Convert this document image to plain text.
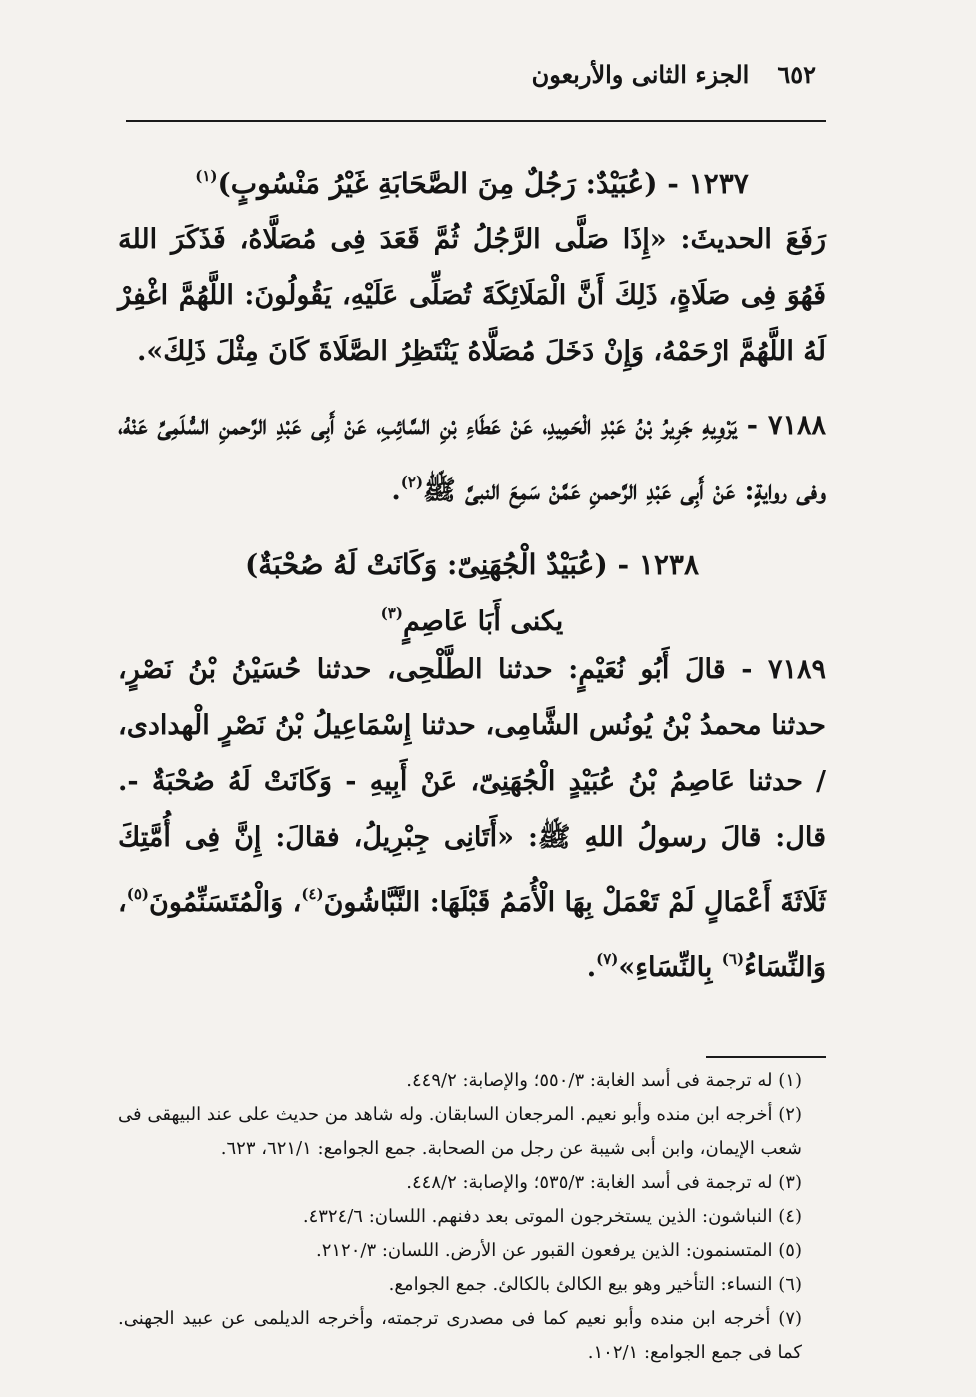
٦٥٢
الجزء الثانى والأربعون

١٢٣٧ - (عُبَيْدٌ: رَجُلٌ مِنَ الصَّحَابَةِ غَيْرُ مَنْسُوبٍ)$^{(١)}$

رَفَعَ الحديثَ: «إِذَا صَلَّى الرَّجُلُ ثُمَّ قَعَدَ فِى مُصَلَّاهُ، فَذَكَرَ اللهَ فَهُوَ فِى صَلَاةٍ، ذَلِكَ أَنَّ الْمَلَائِكَةَ تُصَلِّى عَلَيْهِ، يَقُولُونَ: اللَّهُمَّ اغْفِرْ لَهُ اللَّهُمَّ ارْحَمْهُ، وَإِنْ دَخَلَ مُصَلَّاهُ يَنْتَظِرُ الصَّلَاةَ كَانَ مِثْلَ ذَلِكَ».

٧١٨٨ - يَرْوِيهِ جَرِيرُ بْنُ عَبْدِ الْحَمِيدِ، عَنْ عَطَاءِ بْنِ السَّائِبِ، عَنْ أَبِى عَبْدِ الرَّحمنِ السُّلَمِىِّ عَنْهُ، وفى روايةٍ: عَنْ أَبِى عَبْدِ الرَّحمنِ عَمَّنْ سَمِعَ النبىَّ ﷺ$^{(٢)}$.

١٢٣٨ - (عُبَيْدٌ الْجُهَنِىّ: وَكَانَتْ لَهُ صُحْبَةٌ)

يكنى أَبَا عَاصِمٍ$^{(٣)}$

٧١٨٩ - قالَ أَبُو نُعَيْمٍ: حدثنا الطَّلْحِى، حدثنا حُسَيْنُ بْنُ نَصْرٍ، حدثنا محمدُ بْنُ يُونُس الشَّامِى، حدثنا إِسْمَاعِيلُ بْنُ نَصْرٍ الْهدادى، / حدثنا عَاصِمُ بْنُ عُبَيْدٍ الْجُهَنِىّ، عَنْ أَبِيهِ - وَكَانَتْ لَهُ صُحْبَةٌ -. قال: قالَ رسولُ اللهِ ﷺ: «أَتَانِى جِبْرِيلُ، فقالَ: إِنَّ فِى أُمَّتِكَ ثَلَاثَةَ أَعْمَالٍ لَمْ تَعْمَلْ بِهَا الْأُمَمُ قَبْلَهَا: النَّبَّاشُونَ$^{(٤)}$، وَالْمُتَسَنِّمُونَ$^{(٥)}$، وَالنِّسَاءُ$^{(٦)}$ بِالنِّسَاءِ»$^{(٧)}$.

(١) له ترجمة فى أسد الغابة: ٥٥٠/٣؛ والإصابة: ٤٤٩/٢.

(٢) أخرجه ابن منده وأبو نعيم. المرجعان السابقان. وله شاهد من حديث على عند البيهقى فى شعب الإيمان، وابن أبى شيبة عن رجل من الصحابة. جمع الجوامع: ٦٢١/١، ٦٢٣.

(٣) له ترجمة فى أسد الغابة: ٥٣٥/٣؛ والإصابة: ٤٤٨/٢.

(٤) النباشون: الذين يستخرجون الموتى بعد دفنهم. اللسان: ٤٣٢٤/٦.

(٥) المتسنمون: الذين يرفعون القبور عن الأرض. اللسان: ٢١٢٠/٣.

(٦) النساء: التأخير وهو بيع الكالئ بالكالئ. جمع الجوامع.

(٧) أخرجه ابن منده وأبو نعيم كما فى مصدرى ترجمته، وأخرجه الديلمى عن عبيد الجهنى. كما فى جمع الجوامع: ١٠٢/١.
